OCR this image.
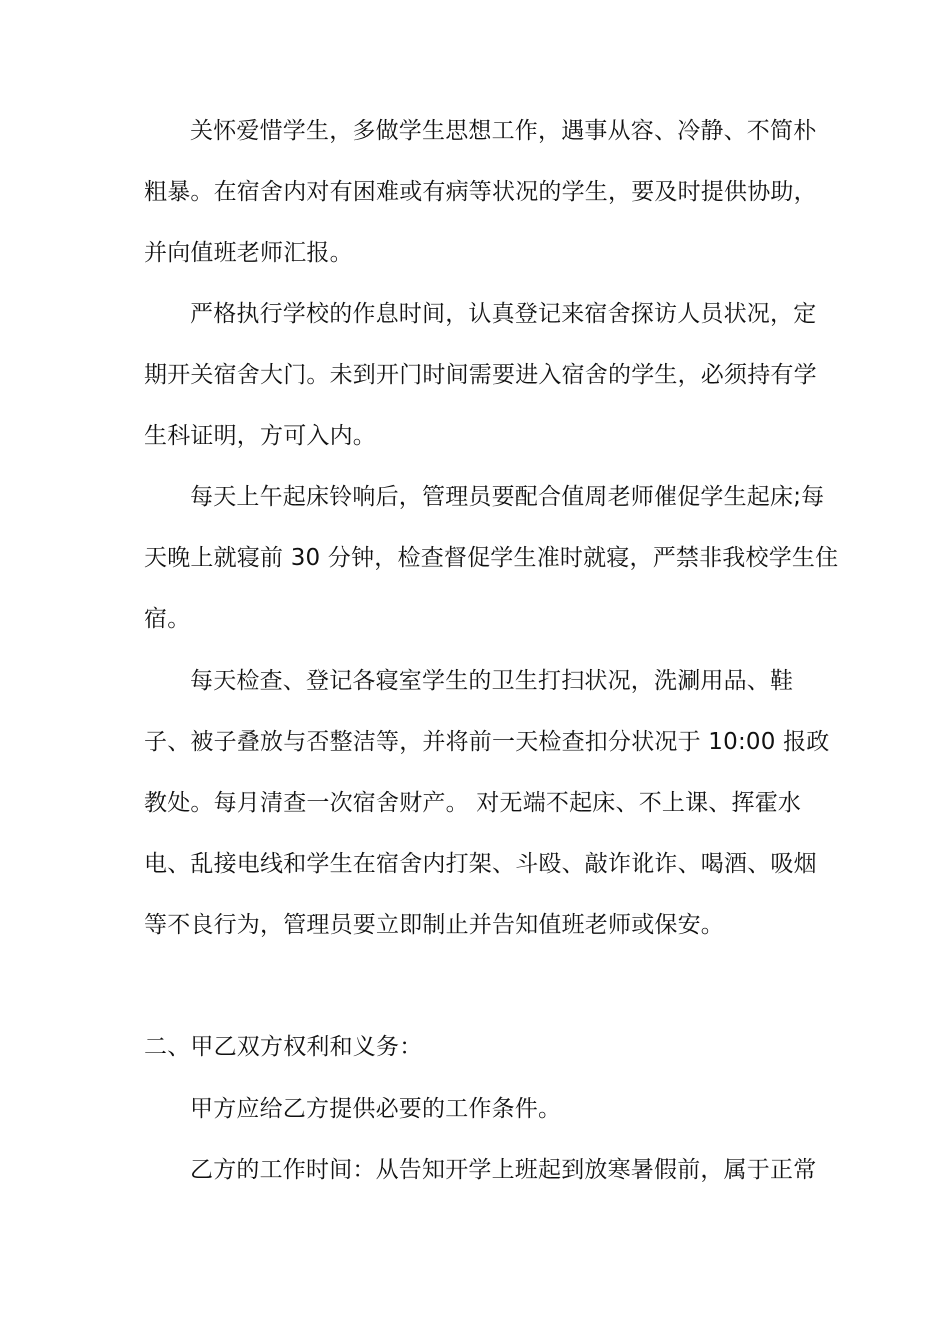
关怀爱惜学生，多做学生思想工作，遇事从容、冷静、不简朴
粗暴。在宿舍内对有困难或有病等状况的学生，要及时提供协助，
并向值班老师汇报。
严格执行学校的作息时间，认真登记来宿舍探访人员状况，定
期开关宿舍大门。未到开门时间需要进入宿舍的学生，必须持有学
生科证明，方可入内。
每天上午起床铃响后，管理员要配合值周老师催促学生起床;每
天晚上就寝前 30 分钟，检查督促学生准时就寝，严禁非我校学生住
宿。
每天检查、登记各寝室学生的卫生打扫状况，洗涮用品、鞋
子、被子叠放与否整洁等，并将前一天检查扣分状况于 10:00 报政
教处。每月清查一次宿舍财产。 对无端不起床、不上课、挥霍水
电、乱接电线和学生在宿舍内打架、斗殴、敲诈讹诈、喝酒、吸烟
等不良行为，管理员要立即制止并告知值班老师或保安。
二、甲乙双方权利和义务：
甲方应给乙方提供必要的工作条件。
乙方的工作时间：从告知开学上班起到放寒暑假前，属于正常
